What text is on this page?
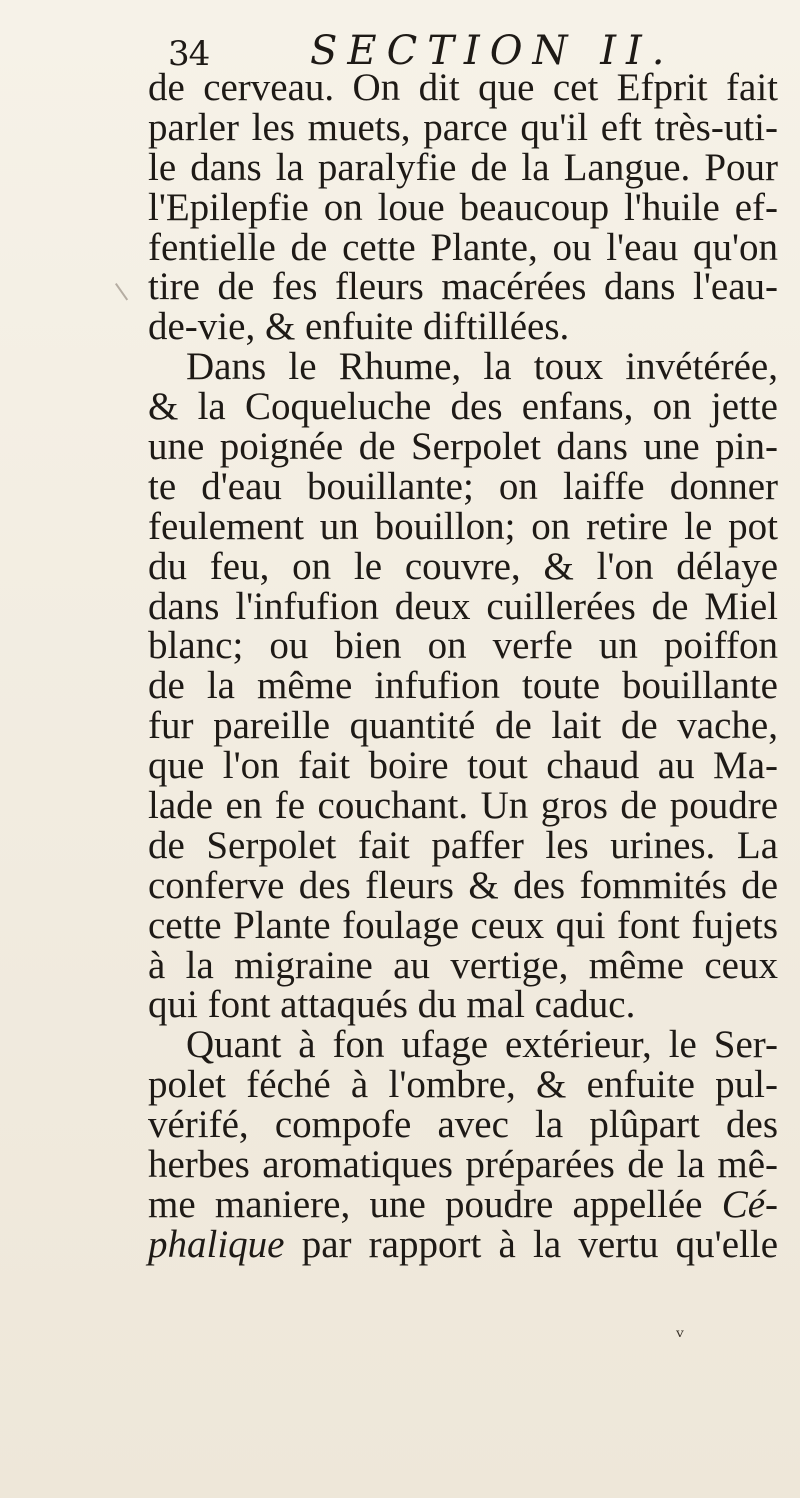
34	SECTION II.
de cerveau. On dit que cet Efprit fait
parler les muets, parce qu'il eft très-uti-
le dans la paralyfie de la Langue. Pour
l'Epilepfie on loue beaucoup l'huile ef-
fentielle de cette Plante, ou l'eau qu'on
tire de fes fleurs macérées dans l'eau-
de-vie, & enfuite diftillées.
Dans le Rhume, la toux invétérée,
& la Coqueluche des enfans, on jette
une poignée de Serpolet dans une pin-
te d'eau bouillante; on laiffe donner
feulement un bouillon; on retire le pot
du feu, on le couvre, & l'on délaye
dans l'infufion deux cuillerées de Miel
blanc; ou bien on verfe un poiffon
de la même infufion toute bouillante
fur pareille quantité de lait de vache,
que l'on fait boire tout chaud au Ma-
lade en fe couchant. Un gros de poudre
de Serpolet fait paffer les urines. La
conferve des fleurs & des fommités de
cette Plante foulage ceux qui font fujets
à la migraine au vertige, même ceux
qui font attaqués du mal caduc.
Quant à fon ufage extérieur, le Ser-
polet féché à l'ombre, & enfuite pul-
vérifé, compofe avec la plûpart des
herbes aromatiques préparées de la mê-
me maniere, une poudre appellée Cé-
phalique par rapport à la vertu qu'elle
ᵥ
